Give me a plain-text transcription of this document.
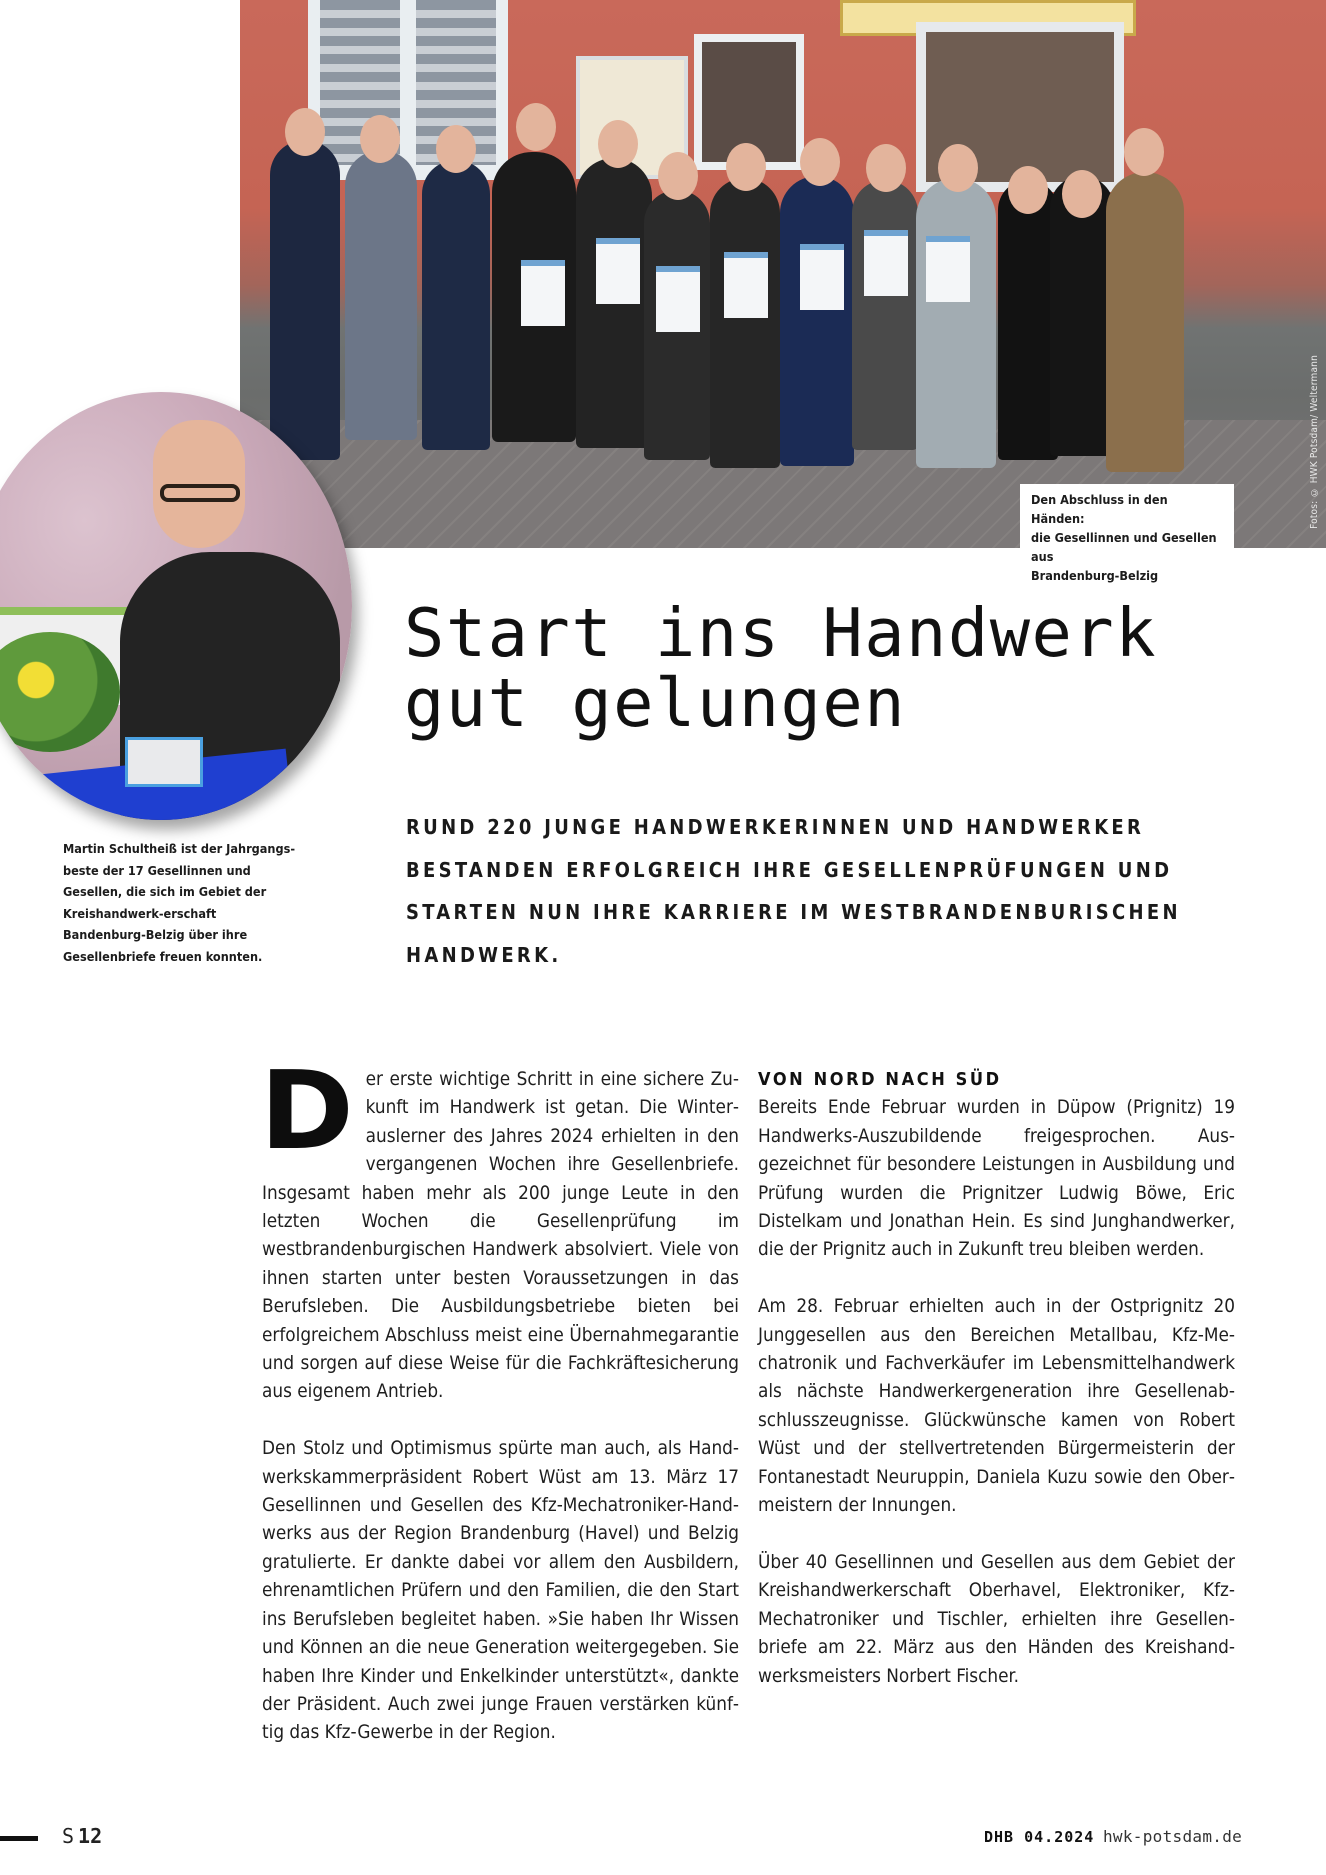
Fotos: © HWK Potsdam/ Weltermann
Den Abschluss in den Händen:
die Gesellinnen und Gesellen aus
Brandenburg-Belzig
Martin Schultheiß ist der Jahrgangs-beste der 17 Gesellinnen und Gesellen, die sich im Gebiet der Kreishandwerk-erschaft Bandenburg-Belzig über ihre Gesellenbriefe freuen konnten.
Start ins Handwerk
gut gelungen

RUND 220 JUNGE HANDWERKERINNEN UND HANDWERKER BESTANDEN ERFOLGREICH IHRE GESELLENPRÜFUNGEN UND STARTEN NUN IHRE KARRIERE IM WESTBRANDENBURISCHEN HANDWERK.

Der erste wichtige Schritt in eine sichere Zukunft im Handwerk ist getan. Die Winterauslerner des Jahres 2024 erhielten in den vergangenen Wochen ihre Gesellenbriefe. Insgesamt haben mehr als 200 junge Leute in den letzten Wochen die Gesellenprüfung im westbrandenburgischen Handwerk absolviert. Viele von ihnen starten unter besten Voraussetzungen in das Berufsleben. Die Ausbildungsbetriebe bieten bei erfolgreichem Abschluss meist eine Übernahmegarantie und sorgen auf diese Weise für die Fachkräftesicherung aus eigenem Antrieb.

Den Stolz und Optimismus spürte man auch, als Handwerkskammerpräsident Robert Wüst am 13. März 17 Gesellinnen und Gesellen des Kfz-Mechatroniker-Handwerks aus der Region Brandenburg (Havel) und Belzig gratulierte. Er dankte dabei vor allem den Ausbildern, ehrenamtlichen Prüfern und den Familien, die den Start ins Berufsleben begleitet haben. »Sie haben Ihr Wissen und Können an die neue Generation weitergegeben. Sie haben Ihre Kinder und Enkelkinder unterstützt«, dankte der Präsident. Auch zwei junge Frauen verstärken künftig das Kfz-Gewerbe in der Region.

VON NORD NACH SÜD

Bereits Ende Februar wurden in Düpow (Prignitz) 19 Handwerks-Auszubildende freigesprochen. Ausgezeichnet für besondere Leistungen in Ausbildung und Prüfung wurden die Prignitzer Ludwig Böwe, Eric Distelkam und Jonathan Hein. Es sind Junghandwerker, die der Prignitz auch in Zukunft treu bleiben werden.

Am 28. Februar erhielten auch in der Ostprignitz 20 Junggesellen aus den Bereichen Metallbau, Kfz-Mechatronik und Fachverkäufer im Lebensmittelhandwerk als nächste Handwerkergeneration ihre Gesellenabschlusszeugnisse. Glückwünsche kamen von Robert Wüst und der stellvertretenden Bürgermeisterin der Fontanestadt Neuruppin, Daniela Kuzu sowie den Obermeistern der Innungen.

Über 40 Gesellinnen und Gesellen aus dem Gebiet der Kreishandwerkerschaft Oberhavel, Elektroniker, Kfz-Mechatroniker und Tischler, erhielten ihre Gesellenbriefe am 22. März aus den Händen des Kreishandwerksmeisters Norbert Fischer.

S 12	DHB 04.2024 hwk-potsdam.de
